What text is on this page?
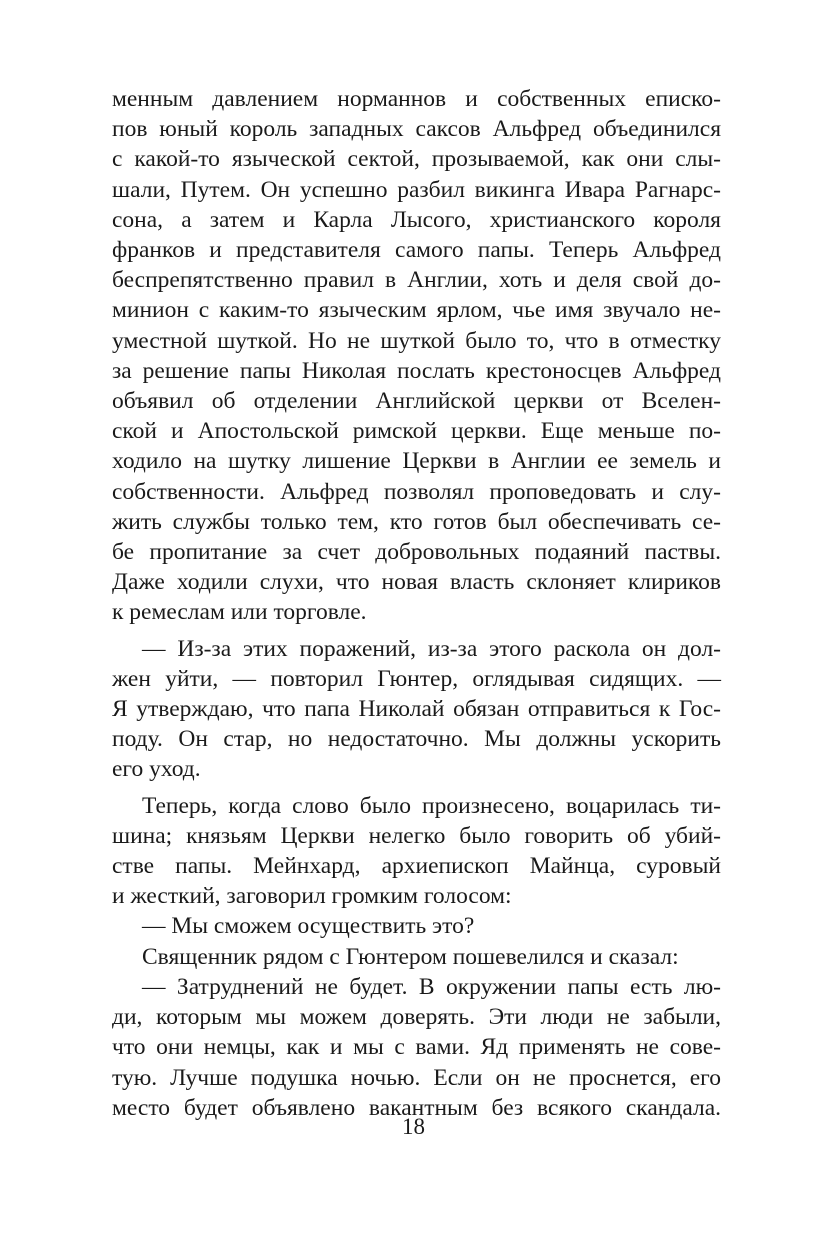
менным давлением норманнов и собственных еписко-
пов юный король западных саксов Альфред объединился
с какой-то языческой сектой, прозываемой, как они слы-
шали, Путем. Он успешно разбил викинга Ивара Рагнарс-
сона, а затем и Карла Лысого, христианского короля
франков и представителя самого папы. Теперь Альфред
беспрепятственно правил в Англии, хоть и деля свой до-
минион с каким-то языческим ярлом, чье имя звучало не-
уместной шуткой. Но не шуткой было то, что в отместку
за решение папы Николая послать крестоносцев Альфред
объявил об отделении Английской церкви от Вселен-
ской и Апостольской римской церкви. Еще меньше по-
ходило на шутку лишение Церкви в Англии ее земель и
собственности. Альфред позволял проповедовать и слу-
жить службы только тем, кто готов был обеспечивать се-
бе пропитание за счет добровольных подаяний паствы.
Даже ходили слухи, что новая власть склоняет клириков
к ремеслам или торговле.
— Из-за этих поражений, из-за этого раскола он дол-
жен уйти, — повторил Гюнтер, оглядывая сидящих. —
Я утверждаю, что папа Николай обязан отправиться к Гос-
поду. Он стар, но недостаточно. Мы должны ускорить
его уход.
Теперь, когда слово было произнесено, воцарилась ти-
шина; князьям Церкви нелегко было говорить об убий-
стве папы. Мейнхард, архиепископ Майнца, суровый
и жесткий, заговорил громким голосом:
— Мы сможем осуществить это?
Священник рядом с Гюнтером пошевелился и сказал:
— Затруднений не будет. В окружении папы есть лю-
ди, которым мы можем доверять. Эти люди не забыли,
что они немцы, как и мы с вами. Яд применять не сове-
тую. Лучше подушка ночью. Если он не проснется, его
место будет объявлено вакантным без всякого скандала.
18
